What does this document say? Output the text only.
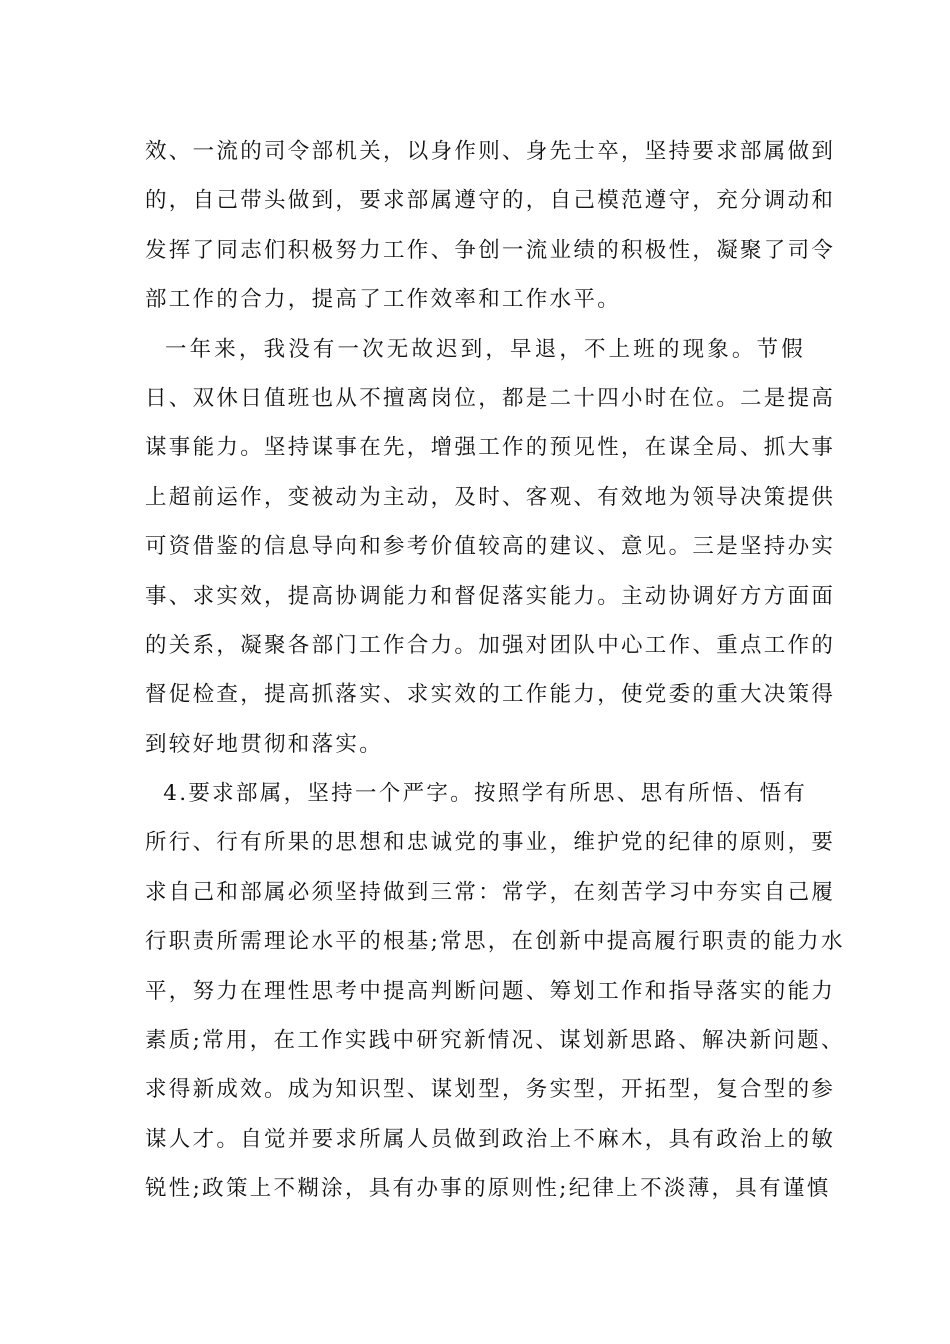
效、一流的司令部机关，以身作则、身先士卒，坚持要求部属做到
的，自己带头做到，要求部属遵守的，自己模范遵守，充分调动和
发挥了同志们积极努力工作、争创一流业绩的积极性，凝聚了司令
部工作的合力，提高了工作效率和工作水平。
一年来，我没有一次无故迟到，早退，不上班的现象。节假
日、双休日值班也从不擅离岗位，都是二十四小时在位。二是提高
谋事能力。坚持谋事在先，增强工作的预见性，在谋全局、抓大事
上超前运作，变被动为主动，及时、客观、有效地为领导决策提供
可资借鉴的信息导向和参考价值较高的建议、意见。三是坚持办实
事、求实效，提高协调能力和督促落实能力。主动协调好方方面面
的关系，凝聚各部门工作合力。加强对团队中心工作、重点工作的
督促检查，提高抓落实、求实效的工作能力，使党委的重大决策得
到较好地贯彻和落实。
4.要求部属，坚持一个严字。按照学有所思、思有所悟、悟有
所行、行有所果的思想和忠诚党的事业，维护党的纪律的原则，要
求自己和部属必须坚持做到三常：常学，在刻苦学习中夯实自己履
行职责所需理论水平的根基;常思，在创新中提高履行职责的能力水
平，努力在理性思考中提高判断问题、筹划工作和指导落实的能力
素质;常用，在工作实践中研究新情况、谋划新思路、解决新问题、
求得新成效。成为知识型、谋划型，务实型，开拓型，复合型的参
谋人才。自觉并要求所属人员做到政治上不麻木，具有政治上的敏
锐性;政策上不糊涂，具有办事的原则性;纪律上不淡薄，具有谨慎
